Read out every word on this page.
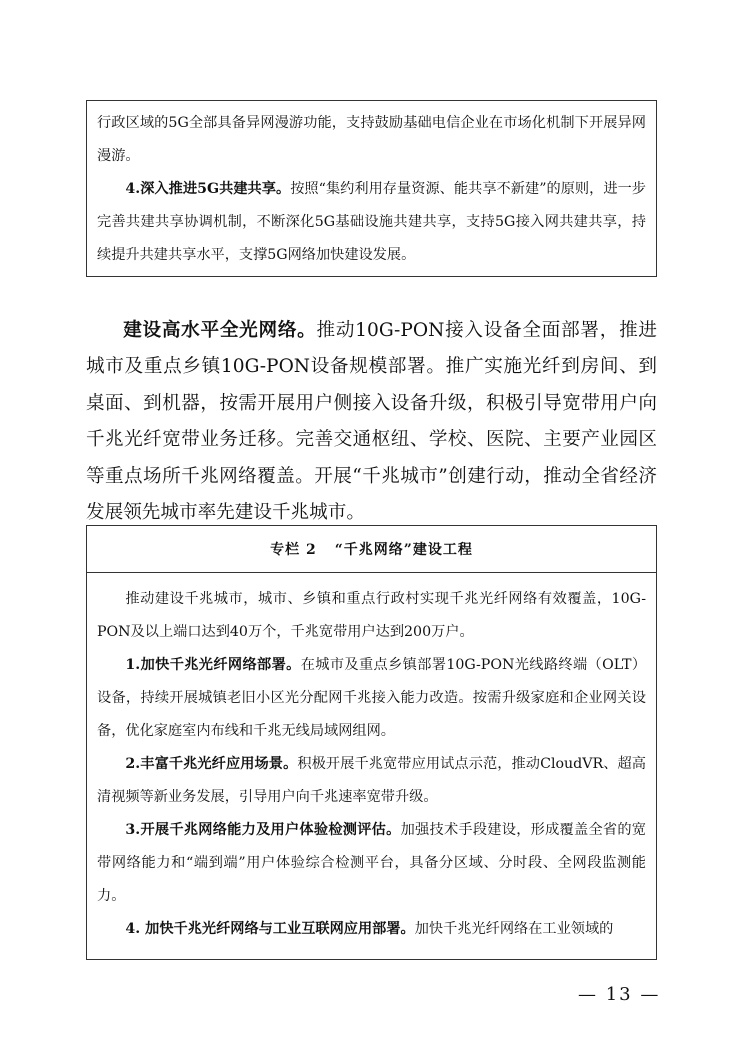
行政区域的5G全部具备异网漫游功能，支持鼓励基础电信企业在市场化机制下开展异网漫游。

4.深入推进5G共建共享。按照“集约利用存量资源、能共享不新建”的原则，进一步完善共建共享协调机制，不断深化5G基础设施共建共享，支持5G接入网共建共享，持续提升共建共享水平，支撑5G网络加快建设发展。

建设高水平全光网络。推动10G-PON接入设备全面部署，推进城市及重点乡镇10G-PON设备规模部署。推广实施光纤到房间、到桌面、到机器，按需开展用户侧接入设备升级，积极引导宽带用户向千兆光纤宽带业务迁移。完善交通枢纽、学校、医院、主要产业园区等重点场所千兆网络覆盖。开展“千兆城市”创建行动，推动全省经济发展领先城市率先建设千兆城市。

专栏 2 “千兆网络”建设工程

推动建设千兆城市，城市、乡镇和重点行政村实现千兆光纤网络有效覆盖，10G-PON及以上端口达到40万个，千兆宽带用户达到200万户。

1.加快千兆光纤网络部署。在城市及重点乡镇部署10G-PON光线路终端（OLT）设备，持续开展城镇老旧小区光分配网千兆接入能力改造。按需升级家庭和企业网关设备，优化家庭室内布线和千兆无线局域网组网。

2.丰富千兆光纤应用场景。积极开展千兆宽带应用试点示范，推动CloudVR、超高清视频等新业务发展，引导用户向千兆速率宽带升级。

3.开展千兆网络能力及用户体验检测评估。加强技术手段建设，形成覆盖全省的宽带网络能力和“端到端”用户体验综合检测平台，具备分区域、分时段、全网段监测能力。

4. 加快千兆光纤网络与工业互联网应用部署。加快千兆光纤网络在工业领域的

— 13 —
